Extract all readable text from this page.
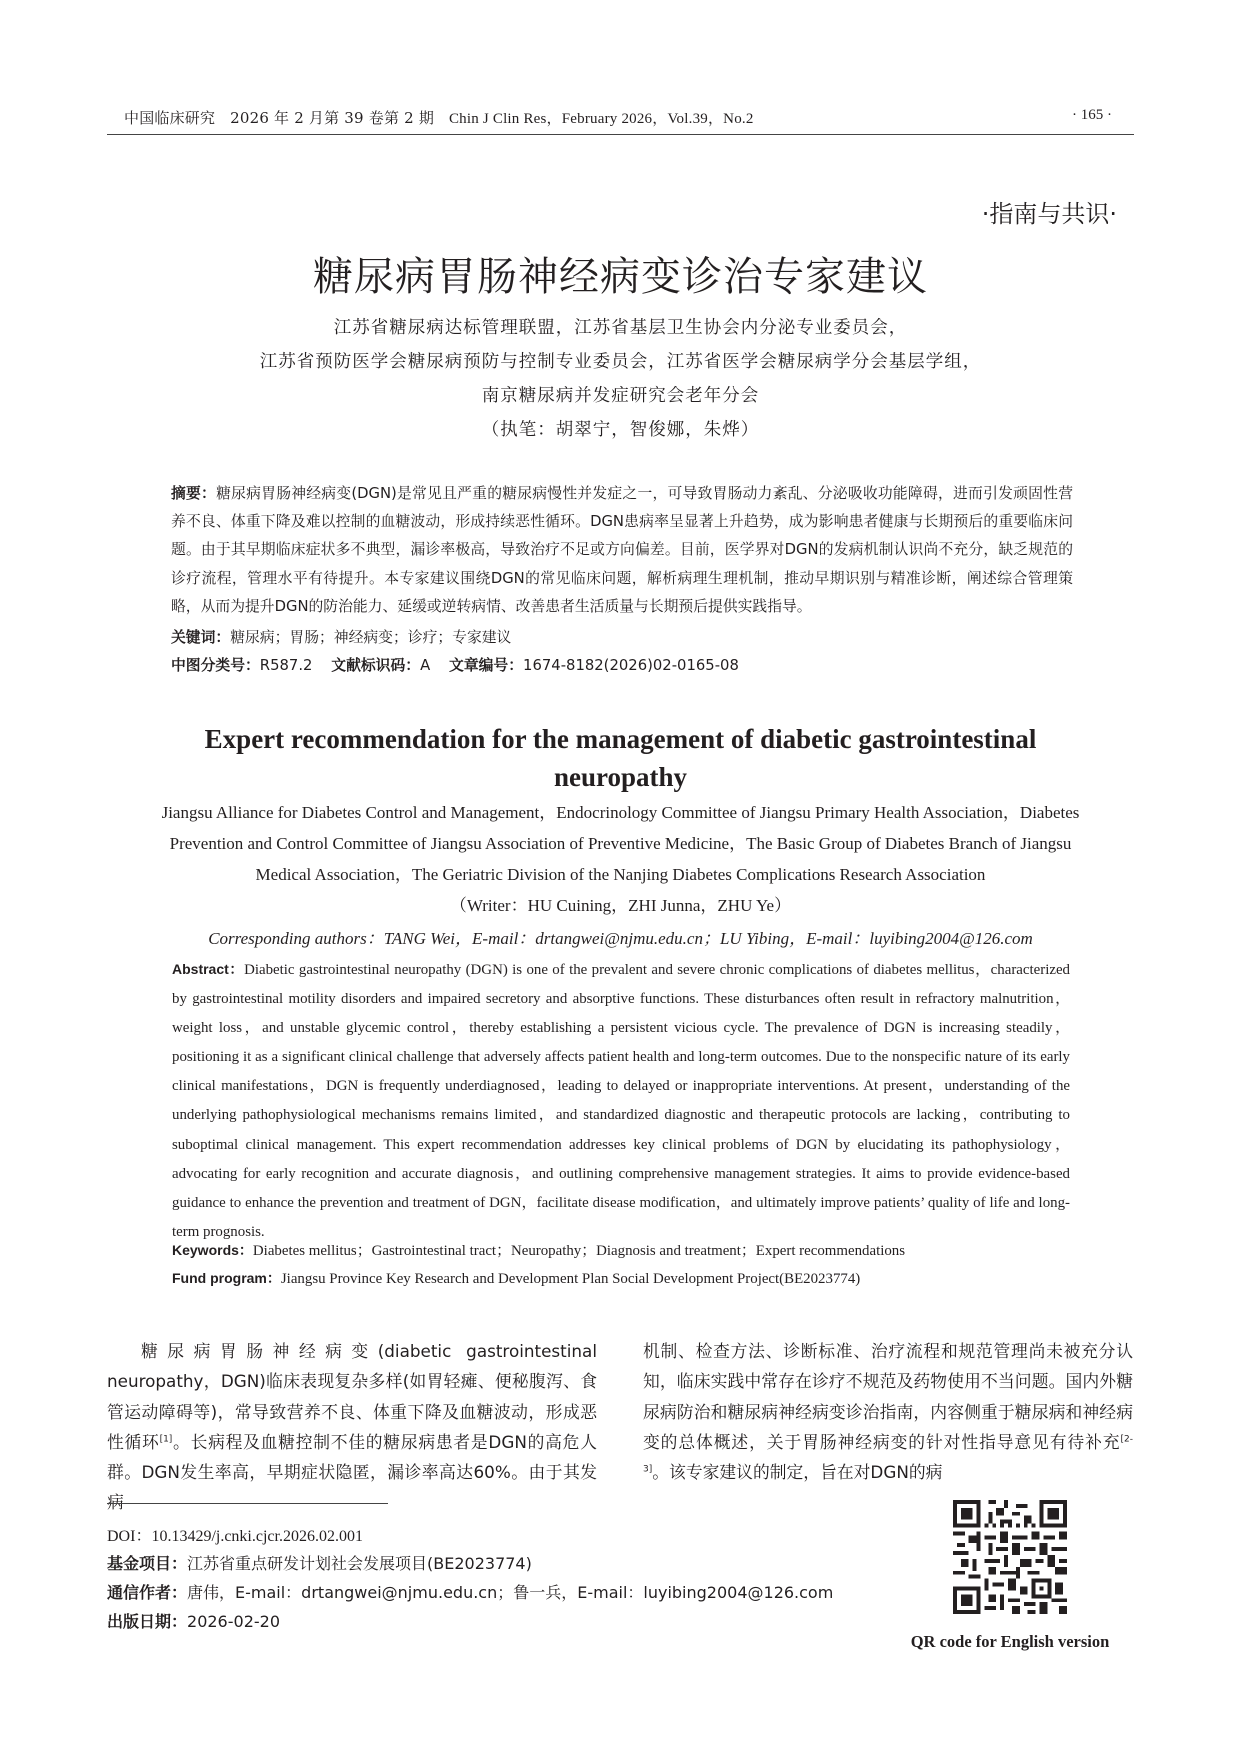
中国临床研究 2026 年 2 月第 39 卷第 2 期 Chin J Clin Res，February 2026，Vol.39，No.2	· 165 ·
·指南与共识·
糖尿病胃肠神经病变诊治专家建议
江苏省糖尿病达标管理联盟，江苏省基层卫生协会内分泌专业委员会，
江苏省预防医学会糖尿病预防与控制专业委员会，江苏省医学会糖尿病学分会基层学组，
南京糖尿病并发症研究会老年分会
（执笔：胡翠宁，智俊娜，朱烨）
摘要：糖尿病胃肠神经病变(DGN)是常见且严重的糖尿病慢性并发症之一，可导致胃肠动力紊乱、分泌吸收功能障碍，进而引发顽固性营养不良、体重下降及难以控制的血糖波动，形成持续恶性循环。DGN患病率呈显著上升趋势，成为影响患者健康与长期预后的重要临床问题。由于其早期临床症状多不典型，漏诊率极高，导致治疗不足或方向偏差。目前，医学界对DGN的发病机制认识尚不充分，缺乏规范的诊疗流程，管理水平有待提升。本专家建议围绕DGN的常见临床问题，解析病理生理机制，推动早期识别与精准诊断，阐述综合管理策略，从而为提升DGN的防治能力、延缓或逆转病情、改善患者生活质量与长期预后提供实践指导。
关键词：糖尿病；胃肠；神经病变；诊疗；专家建议
中图分类号：R587.2 文献标识码：A 文章编号：1674-8182(2026)02-0165-08
Expert recommendation for the management of diabetic gastrointestinal neuropathy
Jiangsu Alliance for Diabetes Control and Management，Endocrinology Committee of Jiangsu Primary Health Association，Diabetes
Prevention and Control Committee of Jiangsu Association of Preventive Medicine，The Basic Group of Diabetes Branch of Jiangsu
Medical Association，The Geriatric Division of the Nanjing Diabetes Complications Research Association
（Writer：HU Cuining，ZHI Junna，ZHU Ye）
Corresponding authors：TANG Wei，E-mail：drtangwei@njmu.edu.cn；LU Yibing，E-mail：luyibing2004@126.com
Abstract：Diabetic gastrointestinal neuropathy (DGN) is one of the prevalent and severe chronic complications of diabetes mellitus，characterized by gastrointestinal motility disorders and impaired secretory and absorptive functions. These disturbances often result in refractory malnutrition，weight loss，and unstable glycemic control，thereby establishing a persistent vicious cycle. The prevalence of DGN is increasing steadily，positioning it as a significant clinical challenge that adversely affects patient health and long-term outcomes. Due to the nonspecific nature of its early clinical manifestations，DGN is frequently underdiagnosed，leading to delayed or inappropriate interventions. At present，understanding of the underlying pathophysiological mechanisms remains limited，and standardized diagnostic and therapeutic protocols are lacking，contributing to suboptimal clinical management. This expert recommendation addresses key clinical problems of DGN by elucidating its pathophysiology，advocating for early recognition and accurate diagnosis，and outlining comprehensive management strategies. It aims to provide evidence-based guidance to enhance the prevention and treatment of DGN，facilitate disease modification，and ultimately improve patients’ quality of life and long-term prognosis.
Keywords：Diabetes mellitus；Gastrointestinal tract；Neuropathy；Diagnosis and treatment；Expert recommendations
Fund program：Jiangsu Province Key Research and Development Plan Social Development Project(BE2023774)
糖尿病胃肠神经病变(diabetic gastrointestinal neuropathy，DGN)临床表现复杂多样(如胃轻瘫、便秘腹泻、食管运动障碍等)，常导致营养不良、体重下降及血糖波动，形成恶性循环[1]。长病程及血糖控制不佳的糖尿病患者是DGN的高危人群。DGN发生率高，早期症状隐匿，漏诊率高达60%。由于其发病
机制、检查方法、诊断标准、治疗流程和规范管理尚未被充分认知，临床实践中常存在诊疗不规范及药物使用不当问题。国内外糖尿病防治和糖尿病神经病变诊治指南，内容侧重于糖尿病和神经病变的总体概述，关于胃肠神经病变的针对性指导意见有待补充[2-3]。该专家建议的制定，旨在对DGN的病
DOI：10.13429/j.cnki.cjcr.2026.02.001
基金项目：江苏省重点研发计划社会发展项目(BE2023774)
通信作者：唐伟，E-mail：drtangwei@njmu.edu.cn；鲁一兵，E-mail：luyibing2004@126.com
出版日期：2026-02-20
QR code for English version
